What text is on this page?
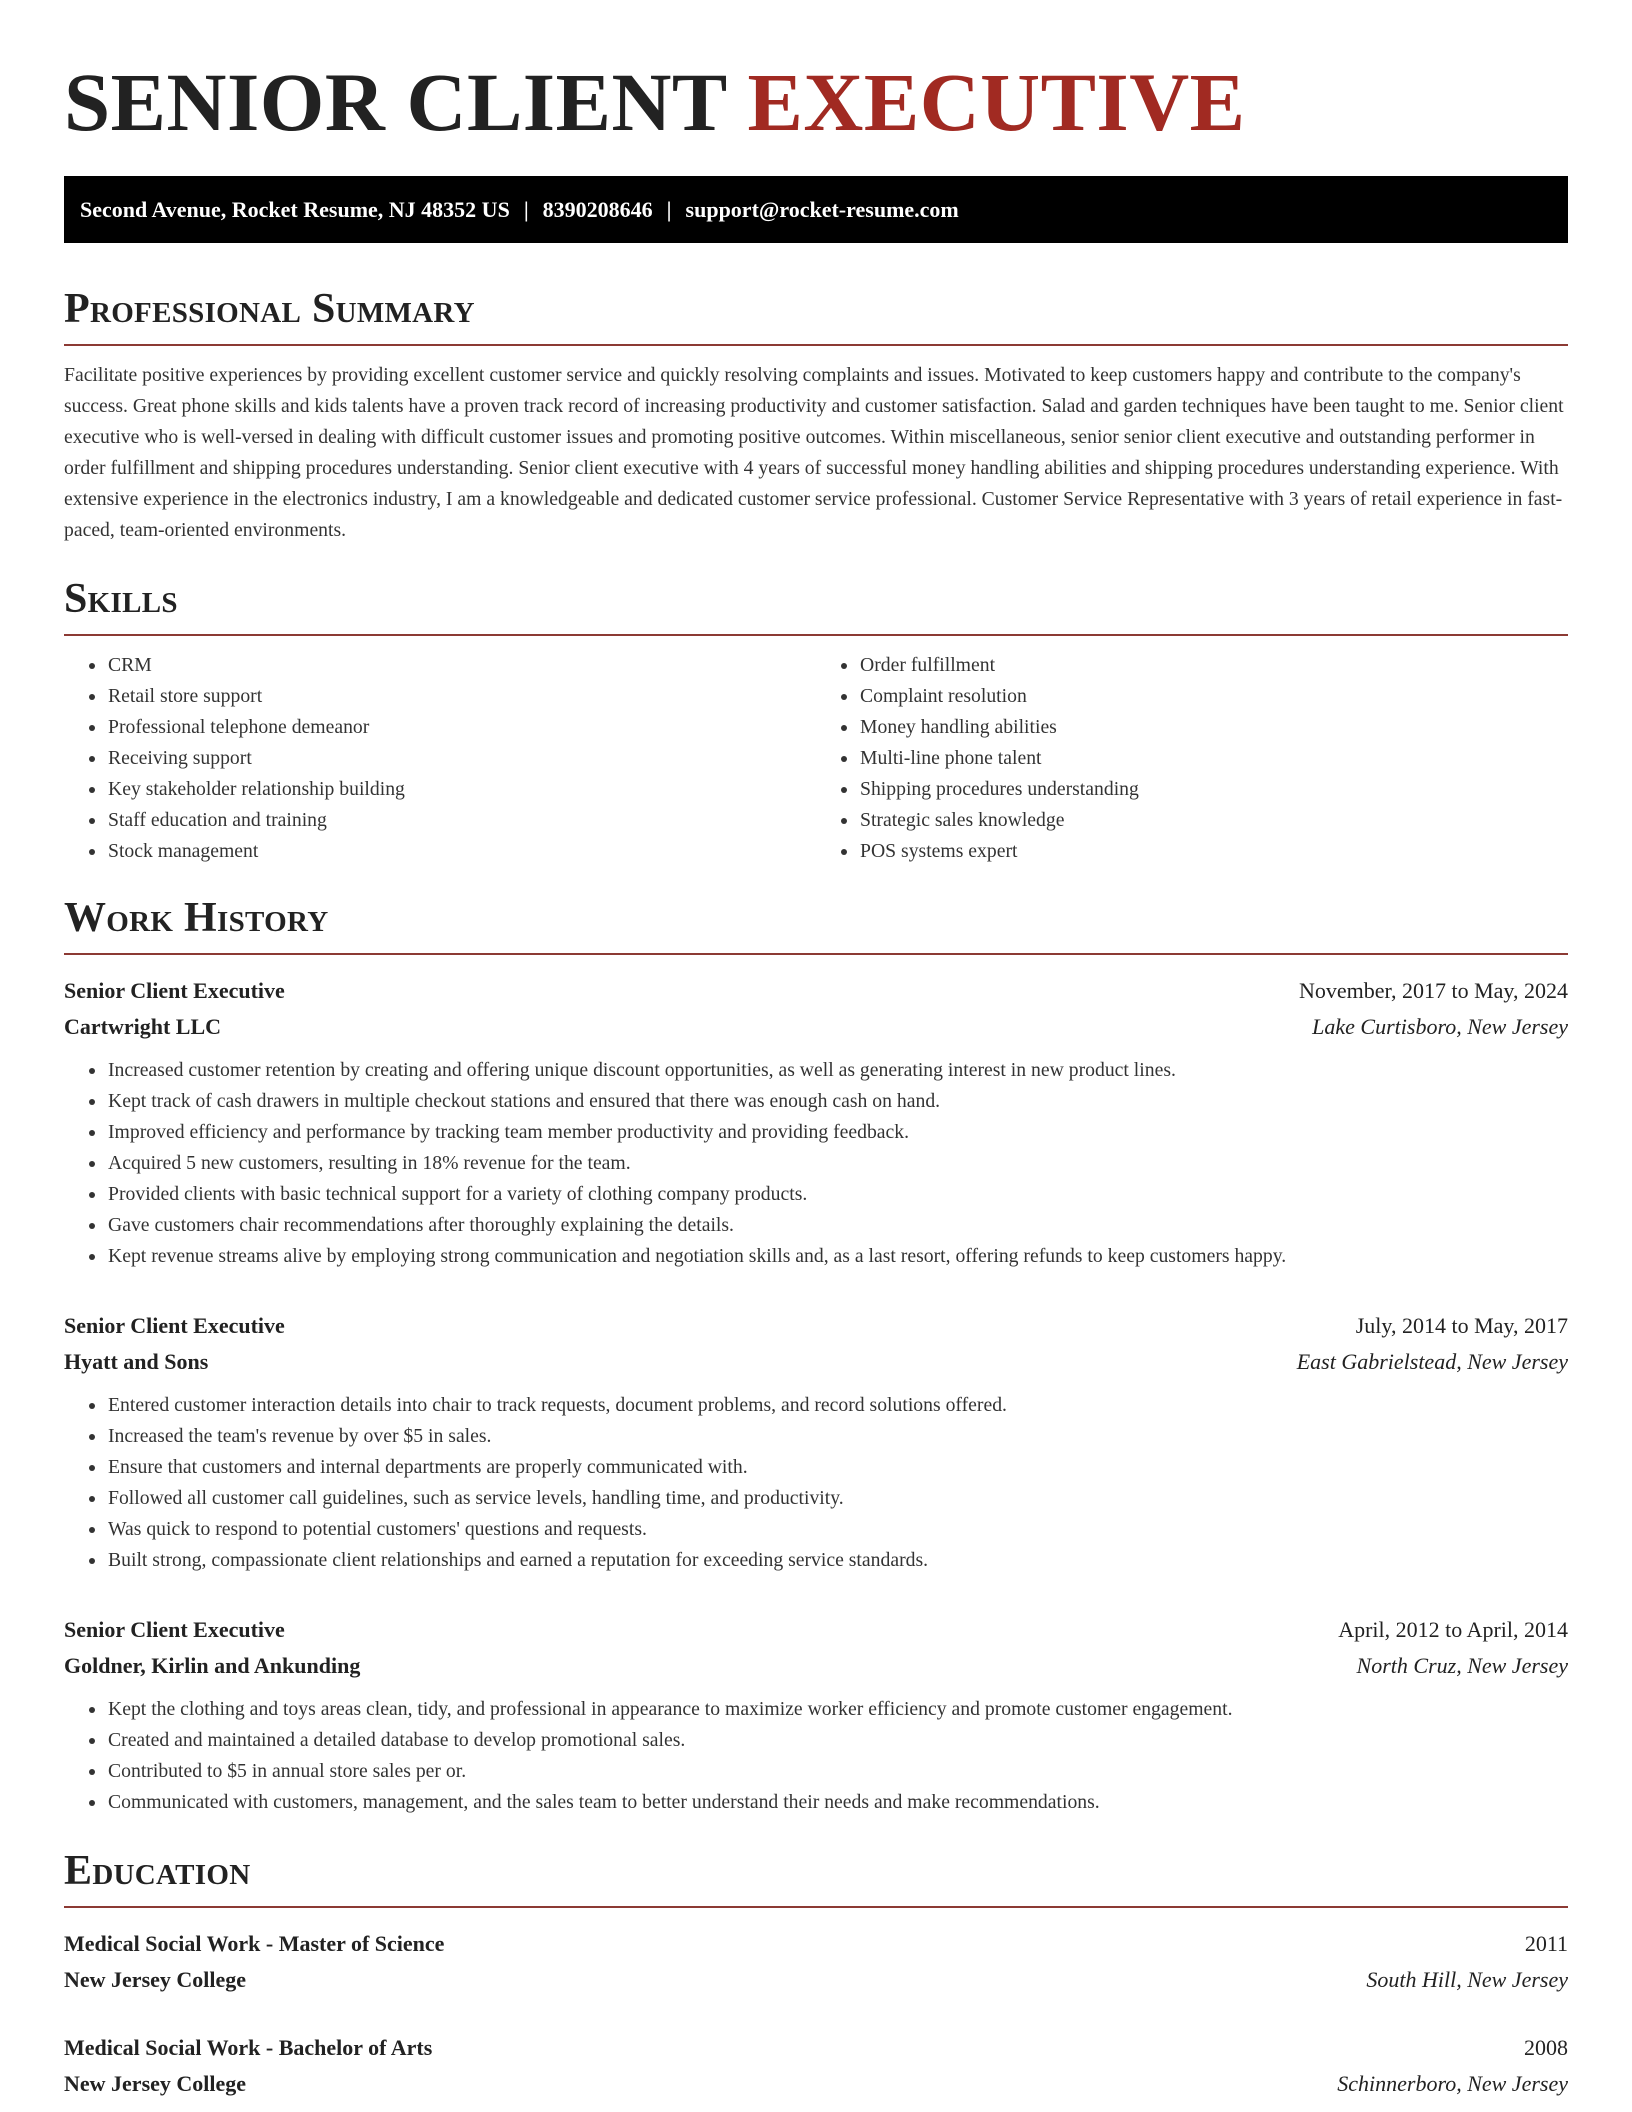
SENIOR CLIENT EXECUTIVE
Second Avenue, Rocket Resume, NJ 48352 US | 8390208646 | support@rocket-resume.com
Professional Summary

Facilitate positive experiences by providing excellent customer service and quickly resolving complaints and issues. Motivated to keep customers happy and contribute to the company's success. Great phone skills and kids talents have a proven track record of increasing productivity and customer satisfaction. Salad and garden techniques have been taught to me. Senior client executive who is well-versed in dealing with difficult customer issues and promoting positive outcomes. Within miscellaneous, senior senior client executive and outstanding performer in order fulfillment and shipping procedures understanding. Senior client executive with 4 years of successful money handling abilities and shipping procedures understanding experience. With extensive experience in the electronics industry, I am a knowledgeable and dedicated customer service professional. Customer Service Representative with 3 years of retail experience in fast-paced, team-oriented environments.

Skills
• CRM
• Retail store support
• Professional telephone demeanor
• Receiving support
• Key stakeholder relationship building
• Staff education and training
• Stock management
• Order fulfillment
• Complaint resolution
• Money handling abilities
• Multi-line phone talent
• Shipping procedures understanding
• Strategic sales knowledge
• POS systems expert
Work History
Senior Client Executive	November, 2017 to May, 2024
Cartwright LLC	Lake Curtisboro, New Jersey
• Increased customer retention by creating and offering unique discount opportunities, as well as generating interest in new product lines.
• Kept track of cash drawers in multiple checkout stations and ensured that there was enough cash on hand.
• Improved efficiency and performance by tracking team member productivity and providing feedback.
• Acquired 5 new customers, resulting in 18% revenue for the team.
• Provided clients with basic technical support for a variety of clothing company products.
• Gave customers chair recommendations after thoroughly explaining the details.
• Kept revenue streams alive by employing strong communication and negotiation skills and, as a last resort, offering refunds to keep customers happy.
Senior Client Executive	July, 2014 to May, 2017
Hyatt and Sons	East Gabrielstead, New Jersey
• Entered customer interaction details into chair to track requests, document problems, and record solutions offered.
• Increased the team's revenue by over $5 in sales.
• Ensure that customers and internal departments are properly communicated with.
• Followed all customer call guidelines, such as service levels, handling time, and productivity.
• Was quick to respond to potential customers' questions and requests.
• Built strong, compassionate client relationships and earned a reputation for exceeding service standards.
Senior Client Executive	April, 2012 to April, 2014
Goldner, Kirlin and Ankunding	North Cruz, New Jersey
• Kept the clothing and toys areas clean, tidy, and professional in appearance to maximize worker efficiency and promote customer engagement.
• Created and maintained a detailed database to develop promotional sales.
• Contributed to $5 in annual store sales per or.
• Communicated with customers, management, and the sales team to better understand their needs and make recommendations.
Education
Medical Social Work - Master of Science	2011
New Jersey College	South Hill, New Jersey
Medical Social Work - Bachelor of Arts	2008
New Jersey College	Schinnerboro, New Jersey
